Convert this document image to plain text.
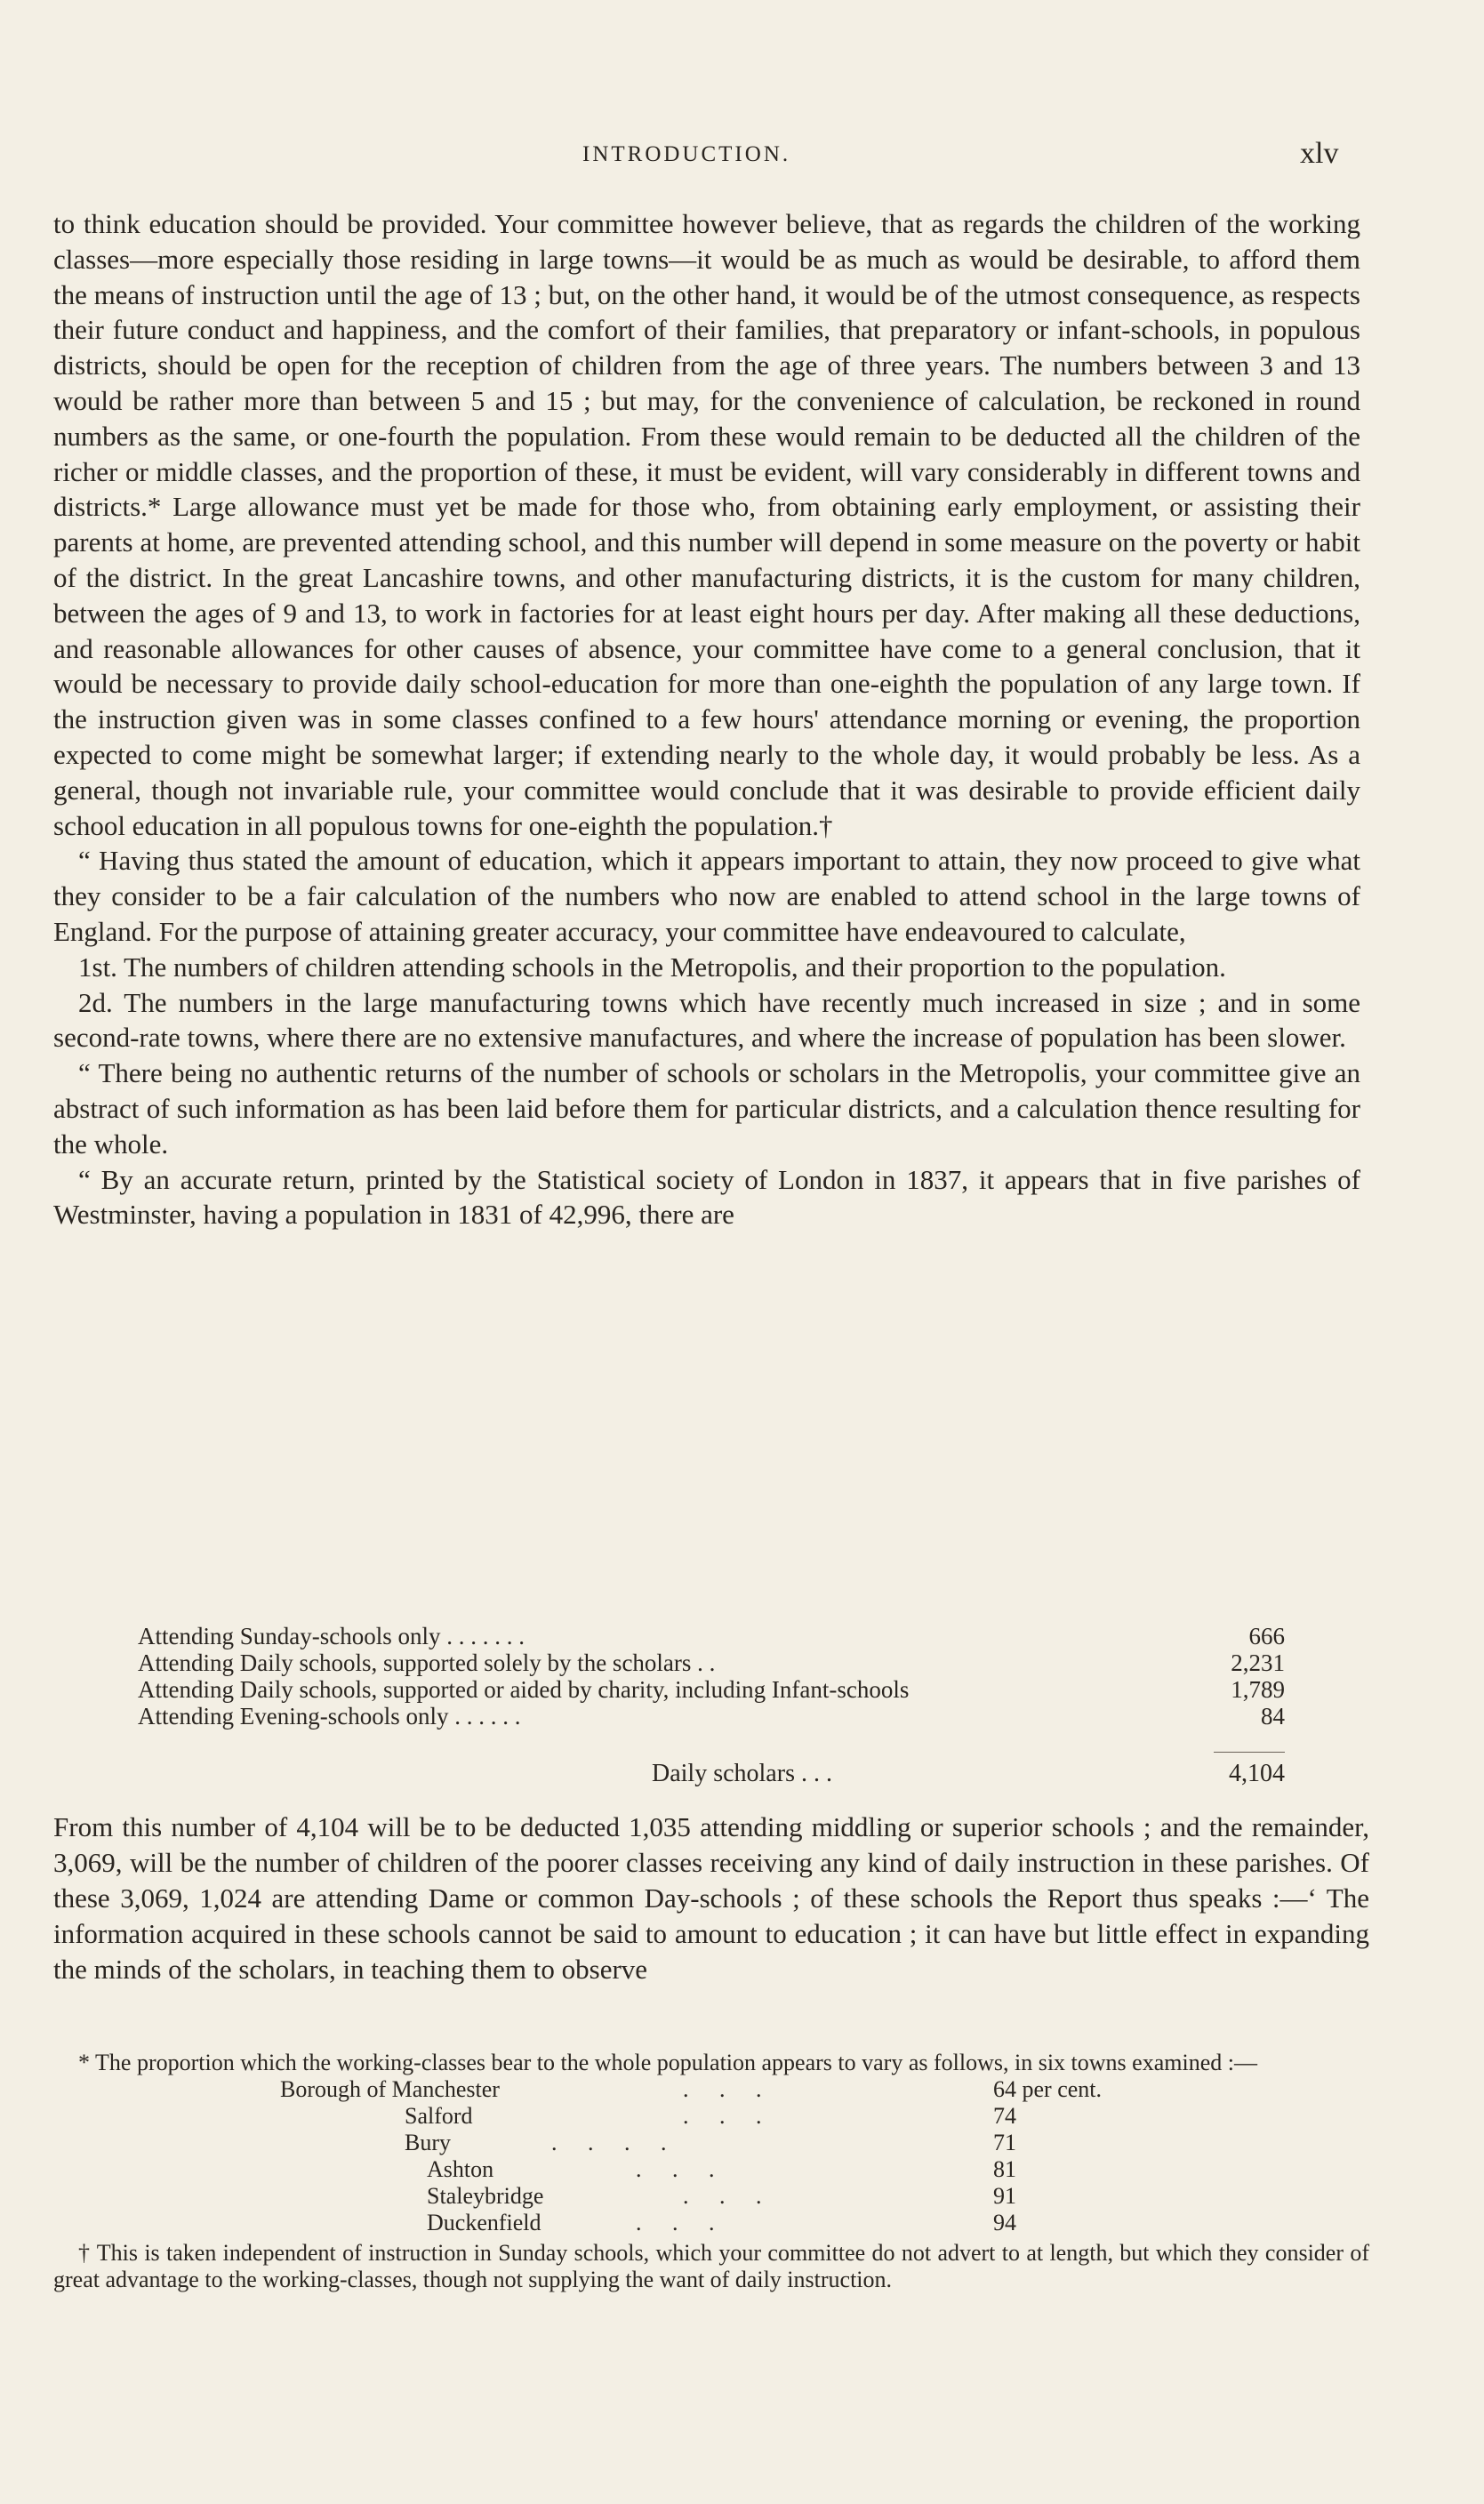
INTRODUCTION.	xlv

to think education should be provided. Your committee however believe, that as regards the children of the working classes—more especially those residing in large towns—it would be as much as would be desirable, to afford them the means of instruction until the age of 13 ; but, on the other hand, it would be of the utmost consequence, as respects their future conduct and happiness, and the comfort of their families, that preparatory or infant-schools, in populous districts, should be open for the reception of children from the age of three years. The numbers between 3 and 13 would be rather more than between 5 and 15 ; but may, for the convenience of calculation, be reckoned in round numbers as the same, or one-fourth the population. From these would remain to be deducted all the children of the richer or middle classes, and the proportion of these, it must be evident, will vary considerably in different towns and districts.* Large allowance must yet be made for those who, from obtaining early employment, or assisting their parents at home, are prevented attending school, and this number will depend in some measure on the poverty or habit of the district. In the great Lancashire towns, and other manufacturing districts, it is the custom for many children, between the ages of 9 and 13, to work in factories for at least eight hours per day. After making all these deductions, and reasonable allowances for other causes of absence, your committee have come to a general conclusion, that it would be necessary to provide daily school-education for more than one-eighth the population of any large town. If the instruction given was in some classes confined to a few hours' attendance morning or evening, the proportion expected to come might be somewhat larger; if extending nearly to the whole day, it would probably be less. As a general, though not invariable rule, your committee would conclude that it was desirable to provide efficient daily school education in all populous towns for one-eighth the population.†

“ Having thus stated the amount of education, which it appears important to attain, they now proceed to give what they consider to be a fair calculation of the numbers who now are enabled to attend school in the large towns of England. For the purpose of attaining greater accuracy, your committee have endeavoured to calculate,

1st. The numbers of children attending schools in the Metropolis, and their proportion to the population.

2d. The numbers in the large manufacturing towns which have recently much increased in size ; and in some second-rate towns, where there are no extensive manufactures, and where the increase of population has been slower.

“ There being no authentic returns of the number of schools or scholars in the Metropolis, your committee give an abstract of such information as has been laid before them for particular districts, and a calculation thence resulting for the whole.

“ By an accurate return, printed by the Statistical society of London in 1837, it appears that in five parishes of Westminster, having a population in 1831 of 42,996, there are

Attending Sunday-schools only . . . . . . .	666
Attending Daily schools, supported solely by the scholars . .	2,231
Attending Daily schools, supported or aided by charity, including Infant-schools	1,789
Attending Evening-schools only . . . . . .	84
Daily scholars . . .	4,104

From this number of 4,104 will be to be deducted 1,035 attending middling or superior schools ; and the remainder, 3,069, will be the number of children of the poorer classes receiving any kind of daily instruction in these parishes. Of these 3,069, 1,024 are attending Dame or common Day-schools ; of these schools the Report thus speaks :—‘ The information acquired in these schools cannot be said to amount to education ; it can have but little effect in expanding the minds of the scholars, in teaching them to observe

* The proportion which the working-classes bear to the whole population appears to vary as follows, in six towns examined :—

Borough of Manchester	. . .	64 per cent.
Salford	. . .	74
Bury	. . . .	71
Ashton	. . .	81
Staleybridge	. . .	91
Duckenfield	. . .	94

† This is taken independent of instruction in Sunday schools, which your committee do not advert to at length, but which they consider of great advantage to the working-classes, though not supplying the want of daily instruction.
